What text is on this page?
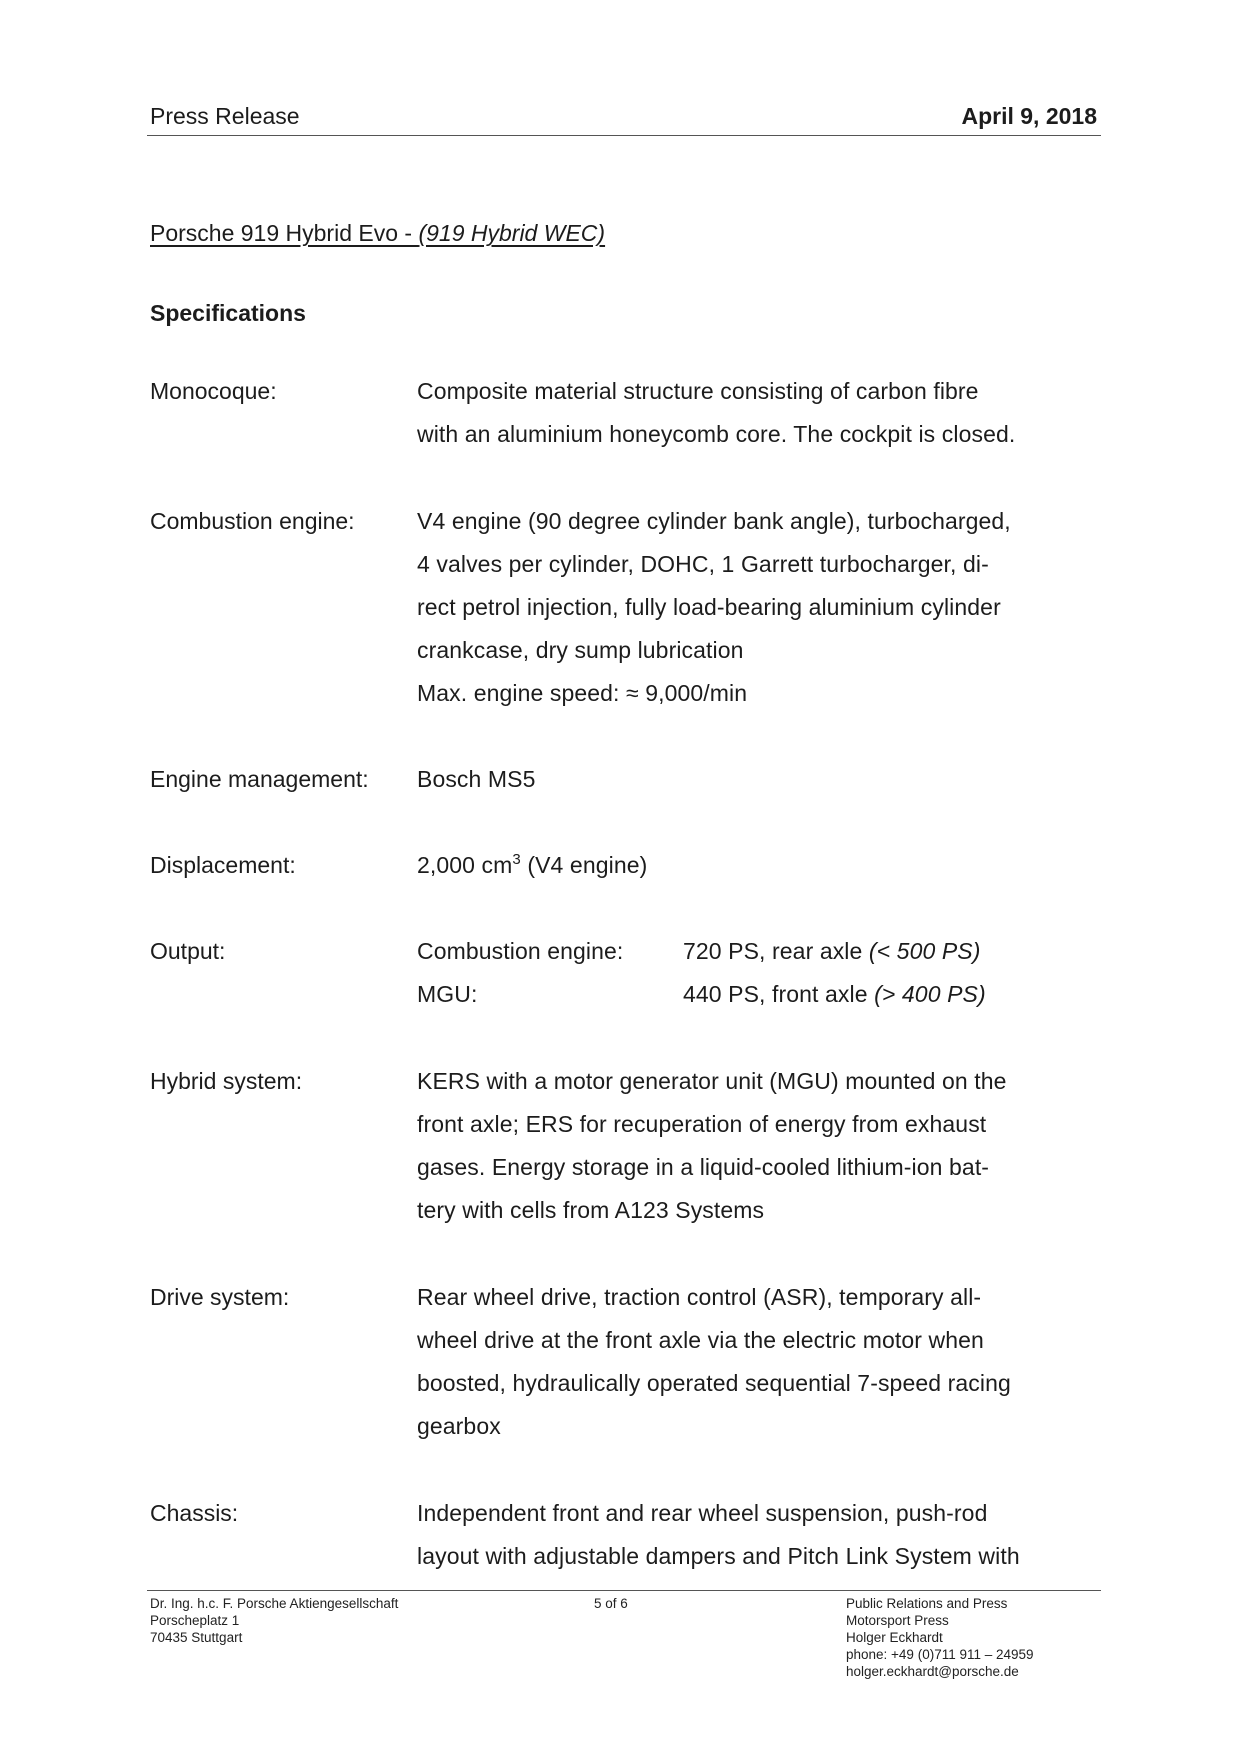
Press Release	April 9, 2018
Porsche 919 Hybrid Evo - (919 Hybrid WEC)
Specifications
Monocoque:	Composite material structure consisting of carbon fibre
with an aluminium honeycomb core. The cockpit is closed.
Combustion engine:	V4 engine (90 degree cylinder bank angle), turbocharged,
4 valves per cylinder, DOHC, 1 Garrett turbocharger, di-
rect petrol injection, fully load-bearing aluminium cylinder
crankcase, dry sump lubrication
Max. engine speed: ≈ 9,000/min
Engine management: Bosch MS5
Displacement:	2,000 $cm^3$ (V4 engine)
Output:	Combustion engine:	720 PS, rear axle (< 500 PS)
MGU:	440 PS, front axle (> 400 PS)
Hybrid system:	KERS with a motor generator unit (MGU) mounted on the
front axle; ERS for recuperation of energy from exhaust
gases. Energy storage in a liquid-cooled lithium-ion bat-
tery with cells from A123 Systems
Drive system:	Rear wheel drive, traction control (ASR), temporary all-
wheel drive at the front axle via the electric motor when
boosted, hydraulically operated sequential 7-speed racing
gearbox
Chassis:	Independent front and rear wheel suspension, push-rod
layout with adjustable dampers and Pitch Link System with
Dr. Ing. h.c. F. Porsche Aktiengesellschaft
Porscheplatz 1
70435 Stuttgart
5 of 6	Public Relations and Press
Motorsport Press
Holger Eckhardt
phone: +49 (0)711 911 – 24959
holger.eckhardt@porsche.de
